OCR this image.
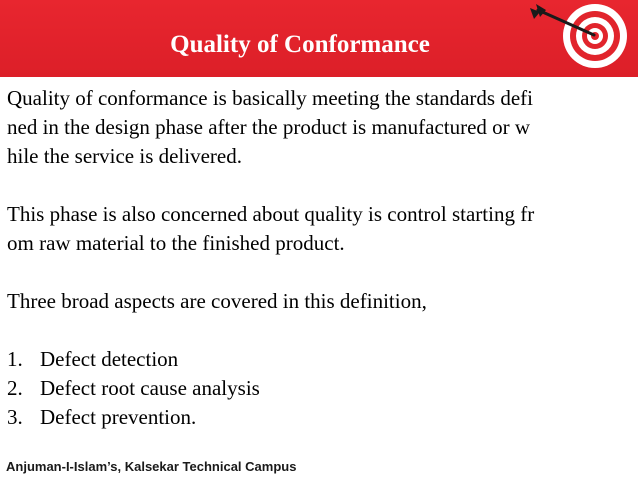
Quality of Conformance

Quality of conformance is basically meeting the standards defi

ned in the design phase after the product is manufactured or w

hile the service is delivered.

This phase is also concerned about quality is control starting fr

om raw material to the finished product.

Three broad aspects are covered in this definition,

1. Defect detection
2. Defect root cause analysis
3. Defect prevention.
Anjuman-I-Islam’s, Kalsekar Technical Campus
